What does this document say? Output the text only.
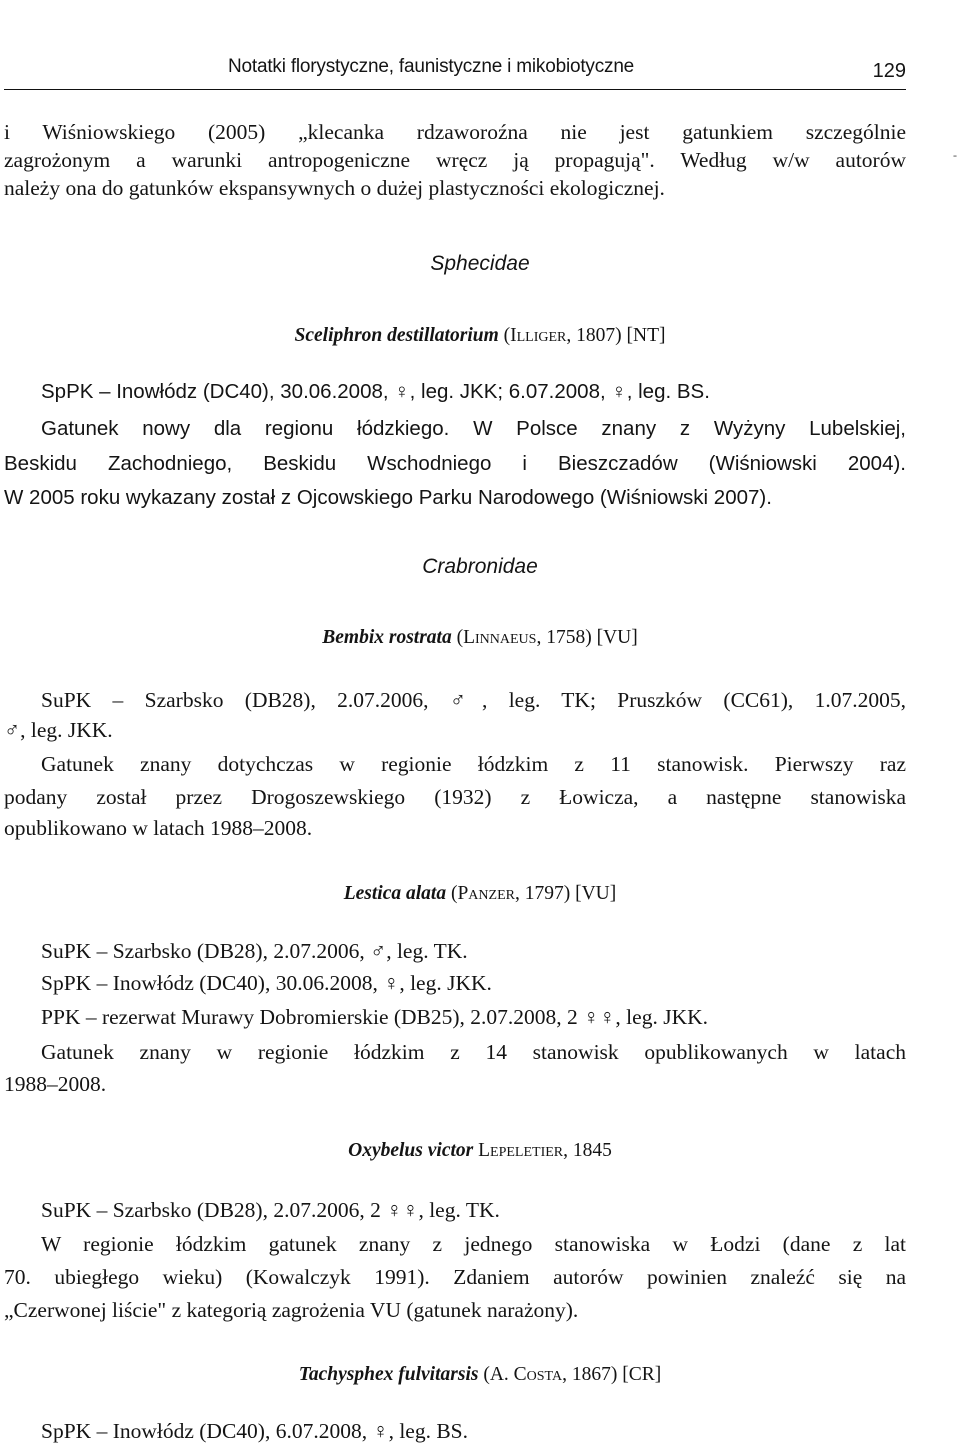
Notatki florystyczne, faunistyczne i mikobiotyczne	129
-
i Wiśniowskiego (2005) „klecanka rdzaworoźna nie jest gatunkiem szczególnie
zagrożonym a warunki antropogeniczne wręcz ją propagują". Według w/w autorów
należy ona do gatunków ekspansywnych o dużej plastyczności ekologicznej.
Sphecidae
Sceliphron destillatorium (Illiger, 1807) [NT]
SpPK – Inowłódz (DC40), 30.06.2008, ♀, leg. JKK; 6.07.2008, ♀, leg. BS.
Gatunek nowy dla regionu łódzkiego. W Polsce znany z Wyżyny Lubelskiej,
Beskidu Zachodniego, Beskidu Wschodniego i Bieszczadów (Wiśniowski 2004).
W 2005 roku wykazany został z Ojcowskiego Parku Narodowego (Wiśniowski 2007).
Crabronidae
Bembix rostrata (Linnaeus, 1758) [VU]
SuPK – Szarbsko (DB28), 2.07.2006, ♂, leg. TK; Pruszków (CC61), 1.07.2005,
♂, leg. JKK.
Gatunek znany dotychczas w regionie łódzkim z 11 stanowisk. Pierwszy raz
podany został przez Drogoszewskiego (1932) z Łowicza, a następne stanowiska
opublikowano w latach 1988–2008.
Lestica alata (Panzer, 1797) [VU]
SuPK – Szarbsko (DB28), 2.07.2006, ♂, leg. TK.
SpPK – Inowłódz (DC40), 30.06.2008, ♀, leg. JKK.
PPK – rezerwat Murawy Dobromierskie (DB25), 2.07.2008, 2 ♀♀, leg. JKK.
Gatunek znany w regionie łódzkim z 14 stanowisk opublikowanych w latach
1988–2008.
Oxybelus victor Lepeletier, 1845
SuPK – Szarbsko (DB28), 2.07.2006, 2 ♀♀, leg. TK.
W regionie łódzkim gatunek znany z jednego stanowiska w Łodzi (dane z lat
70. ubiegłego wieku) (Kowalczyk 1991). Zdaniem autorów powinien znaleźć się na
„Czerwonej liście" z kategorią zagrożenia VU (gatunek narażony).
Tachysphex fulvitarsis (A. Costa, 1867) [CR]
SpPK – Inowłódz (DC40), 6.07.2008, ♀, leg. BS.
